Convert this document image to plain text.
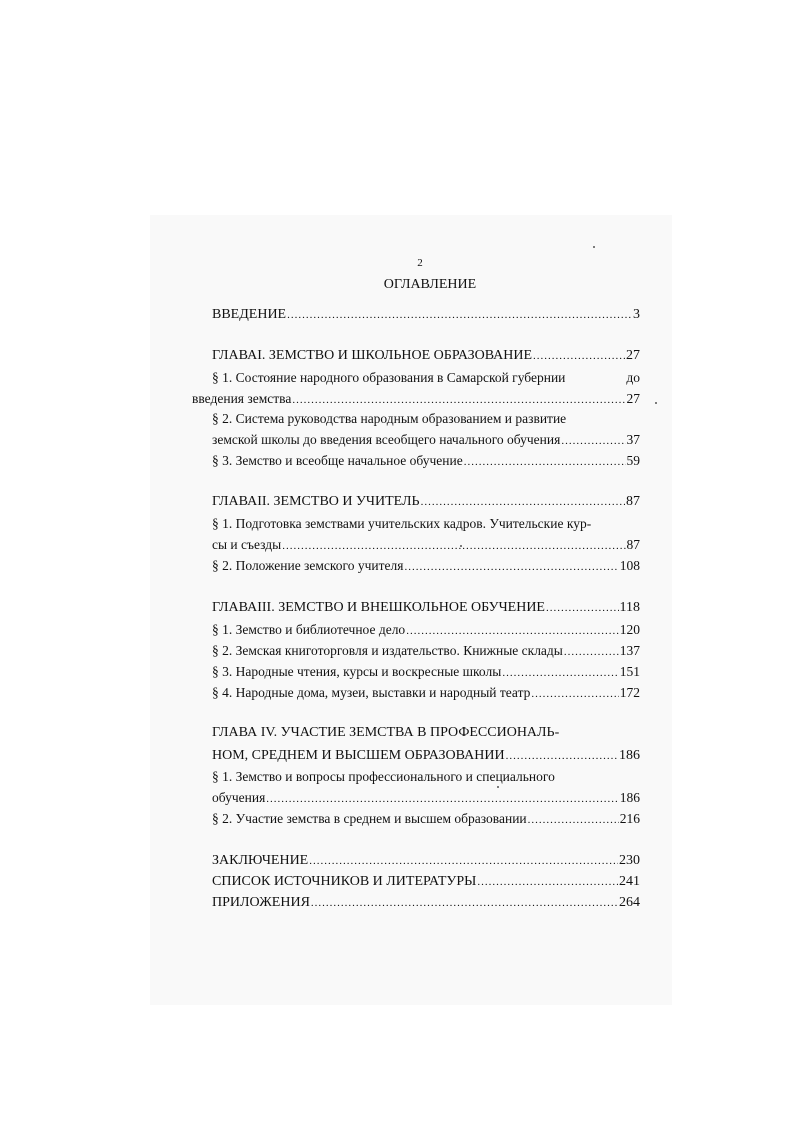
2
ОГЛАВЛЕНИЕ
ВВЕДЕНИЕ .....	3
ГЛАВАI. ЗЕМСТВО И ШКОЛЬНОЕ ОБРАЗОВАНИЕ .....	27
§ 1. Состояние народного образования в Самарской губернии	до
введения земства .....	27
§ 2. Система руководства народным образованием и развитие
земской школы до введения всеобщего начального обучения .....	37
§ 3. Земство и всеобще начальное обучение .....	59
ГЛАВАII. ЗЕМСТВО И УЧИТЕЛЬ .....	87
§ 1. Подготовка земствами учительских кадров. Учительские кур-
сы и съезды .....	87
§ 2. Положение земского учителя .....	108
ГЛАВАIII. ЗЕМСТВО И ВНЕШКОЛЬНОЕ ОБУЧЕНИЕ .....	118
§ 1. Земство и библиотечное дело .....	120
§ 2. Земская книготорговля и издательство. Книжные склады .....	137
§ 3. Народные чтения, курсы и воскресные школы .....	151
§ 4. Народные дома, музеи, выставки и народный театр .....	172
ГЛАВА IV. УЧАСТИЕ ЗЕМСТВА В ПРОФЕССИОНАЛЬ-
НОМ, СРЕДНЕМ И ВЫСШЕМ ОБРАЗОВАНИИ .....	186
§ 1. Земство и вопросы профессионального и специального
обучения .....	186
§ 2. Участие земства в среднем и высшем образовании .....	216
ЗАКЛЮЧЕНИЕ .....	230
СПИСОК ИСТОЧНИКОВ И ЛИТЕРАТУРЫ .....	241
ПРИЛОЖЕНИЯ .....	264
